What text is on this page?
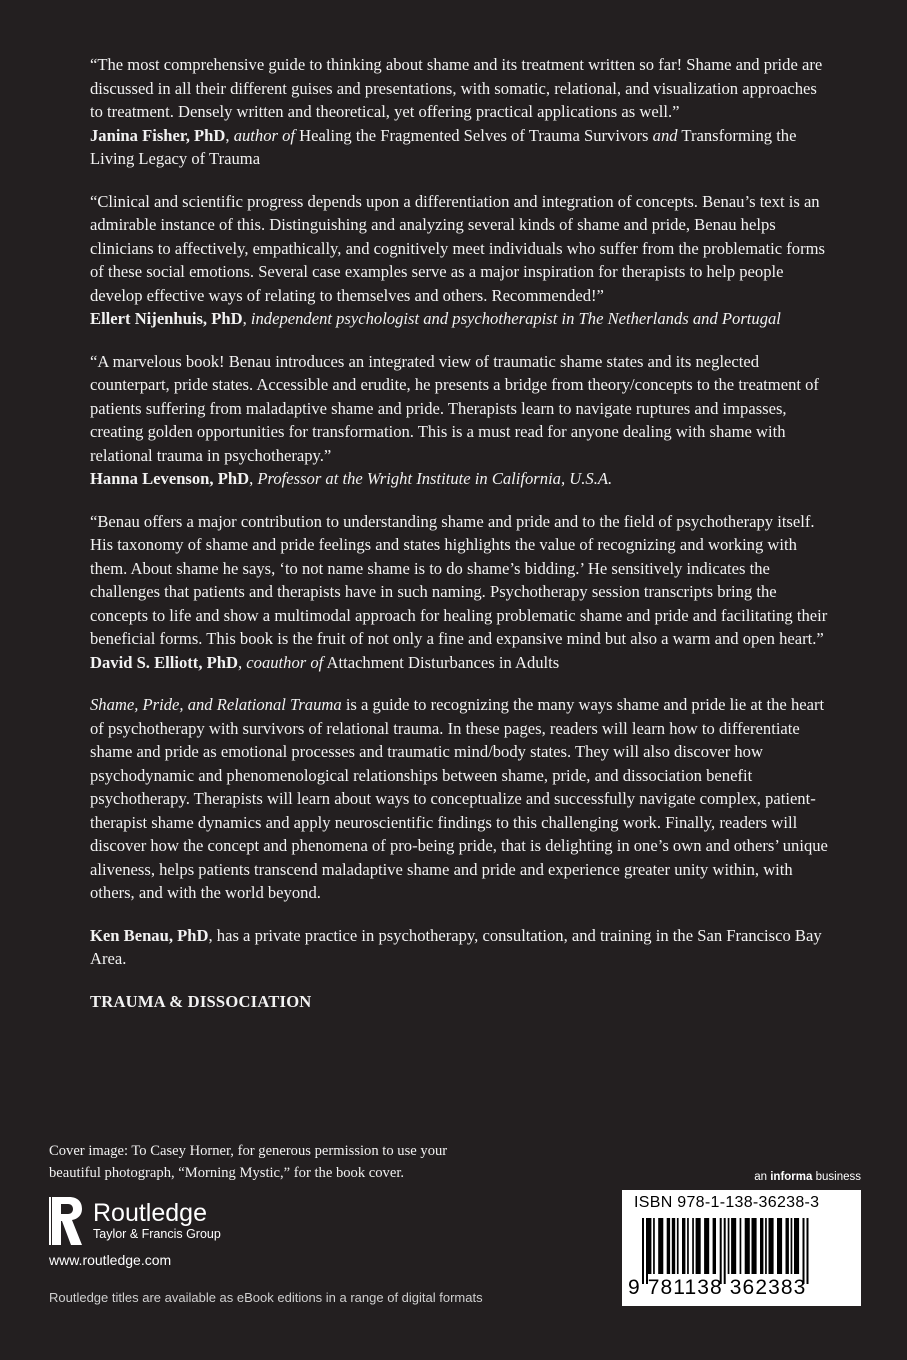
“The most comprehensive guide to thinking about shame and its treatment written so far! Shame and pride are discussed in all their different guises and presentations, with somatic, relational, and visualization approaches to treatment. Densely written and theoretical, yet offering practical applications as well.”

Janina Fisher, PhD, author of Healing the Fragmented Selves of Trauma Survivors and Transforming the Living Legacy of Trauma

“Clinical and scientific progress depends upon a differentiation and integration of concepts. Benau’s text is an admirable instance of this. Distinguishing and analyzing several kinds of shame and pride, Benau helps clinicians to affectively, empathically, and cognitively meet individuals who suffer from the problematic forms of these social emotions. Several case examples serve as a major inspiration for therapists to help people develop effective ways of relating to themselves and others. Recommended!”

Ellert Nijenhuis, PhD, independent psychologist and psychotherapist in The Netherlands and Portugal

“A marvelous book! Benau introduces an integrated view of traumatic shame states and its neglected counterpart, pride states. Accessible and erudite, he presents a bridge from theory/concepts to the treatment of patients suffering from maladaptive shame and pride. Therapists learn to navigate ruptures and impasses, creating golden opportunities for transformation. This is a must read for anyone dealing with shame with relational trauma in psychotherapy.”

Hanna Levenson, PhD, Professor at the Wright Institute in California, U.S.A.

“Benau offers a major contribution to understanding shame and pride and to the field of psychotherapy itself. His taxonomy of shame and pride feelings and states highlights the value of recognizing and working with them. About shame he says, ‘to not name shame is to do shame’s bidding.’ He sensitively indicates the challenges that patients and therapists have in such naming. Psychotherapy session transcripts bring the concepts to life and show a multimodal approach for healing problematic shame and pride and facilitating their beneficial forms. This book is the fruit of not only a fine and expansive mind but also a warm and open heart.”

David S. Elliott, PhD, coauthor of Attachment Disturbances in Adults

Shame, Pride, and Relational Trauma is a guide to recognizing the many ways shame and pride lie at the heart of psychotherapy with survivors of relational trauma. In these pages, readers will learn how to differentiate shame and pride as emotional processes and traumatic mind/body states. They will also discover how psychodynamic and phenomenological relationships between shame, pride, and dissociation benefit psychotherapy. Therapists will learn about ways to conceptualize and successfully navigate complex, patient-therapist shame dynamics and apply neuroscientific findings to this challenging work. Finally, readers will discover how the concept and phenomena of pro-being pride, that is delighting in one’s own and others’ unique aliveness, helps patients transcend maladaptive shame and pride and experience greater unity within, with others, and with the world beyond.

Ken Benau, PhD, has a private practice in psychotherapy, consultation, and training in the San Francisco Bay Area.

TRAUMA & DISSOCIATION

Cover image: To Casey Horner, for generous permission to use your

beautiful photograph, “Morning Mystic,” for the book cover.

Routledge
Taylor & Francis Group
www.routledge.com
Routledge titles are available as eBook editions in a range of digital formats
an informa business
ISBN 978-1-138-36238-3
9 781138 362383
